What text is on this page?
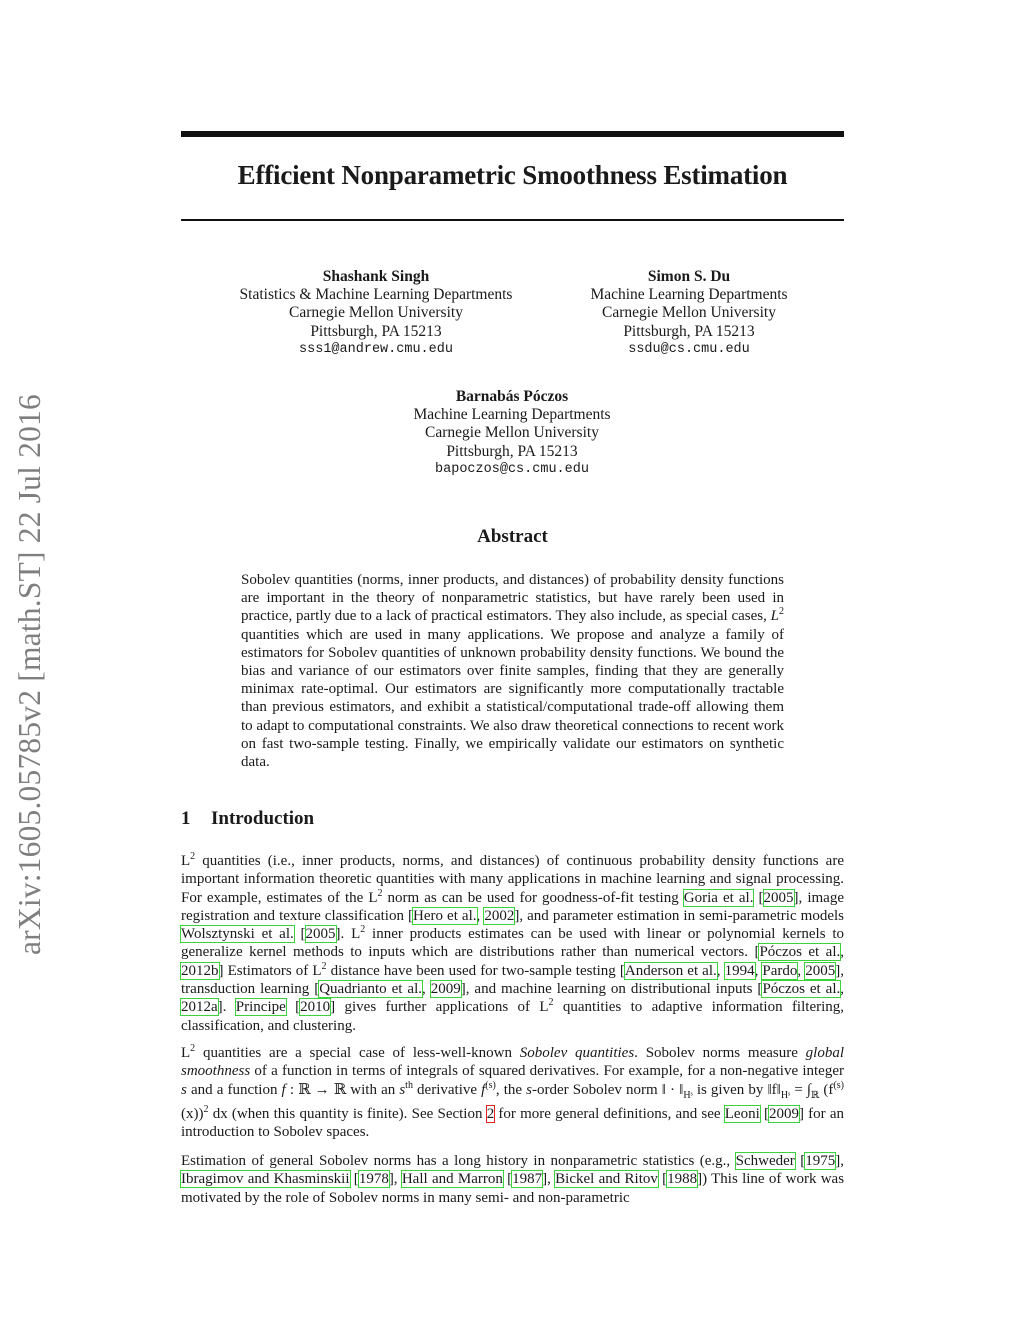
arXiv:1605.05785v2 [math.ST] 22 Jul 2016
Efficient Nonparametric Smoothness Estimation
Shashank Singh
Statistics & Machine Learning Departments
Carnegie Mellon University
Pittsburgh, PA 15213
sss1@andrew.cmu.edu
Simon S. Du
Machine Learning Departments
Carnegie Mellon University
Pittsburgh, PA 15213
ssdu@cs.cmu.edu
Barnabás Póczos
Machine Learning Departments
Carnegie Mellon University
Pittsburgh, PA 15213
bapoczos@cs.cmu.edu
Abstract
Sobolev quantities (norms, inner products, and distances) of probability density functions are important in the theory of nonparametric statistics, but have rarely been used in practice, partly due to a lack of practical estimators. They also include, as special cases, $L^2$ quantities which are used in many applications. We propose and analyze a family of estimators for Sobolev quantities of unknown probability density functions. We bound the bias and variance of our estimators over finite samples, finding that they are generally minimax rate-optimal. Our estimators are significantly more computationally tractable than previous estimators, and exhibit a statistical/computational trade-off allowing them to adapt to computational constraints. We also draw theoretical connections to recent work on fast two-sample testing. Finally, we empirically validate our estimators on synthetic data.
1 Introduction
$L^2$ quantities (i.e., inner products, norms, and distances) of continuous probability density functions are important information theoretic quantities with many applications in machine learning and signal processing. For example, estimates of the $L^2$ norm as can be used for goodness-of-fit testing Goria et al. [2005], image registration and texture classification [Hero et al., 2002], and parameter estimation in semi-parametric models Wolsztynski et al. [2005]. $L^2$ inner products estimates can be used with linear or polynomial kernels to generalize kernel methods to inputs which are distributions rather than numerical vectors. [Póczos et al., 2012b] Estimators of $L^2$ distance have been used for two-sample testing [Anderson et al., 1994, Pardo, 2005], transduction learning [Quadrianto et al., 2009], and machine learning on distributional inputs [Póczos et al., 2012a]. Principe [2010] gives further applications of $L^2$ quantities to adaptive information filtering, classification, and clustering.
$L^2$ quantities are a special case of less-well-known Sobolev quantities. Sobolev norms measure global smoothness of a function in terms of integrals of squared derivatives. For example, for a non-negative integer s and a function f : ℝ → ℝ with an $s^{th}$ derivative $f^{(s)}$, the s-order Sobolev norm ‖ · $‖_{Hˢ}$ is given by $‖f‖_{Hˢ} = \int_ℝ$ $(f^{(s)}(x))^2$ dx (when this quantity is finite). See Section 2 for more general definitions, and see Leoni [2009] for an introduction to Sobolev spaces.
Estimation of general Sobolev norms has a long history in nonparametric statistics (e.g., Schweder [1975], Ibragimov and Khasminskii [1978], Hall and Marron [1987], Bickel and Ritov [1988]) This line of work was motivated by the role of Sobolev norms in many semi- and non-parametric
